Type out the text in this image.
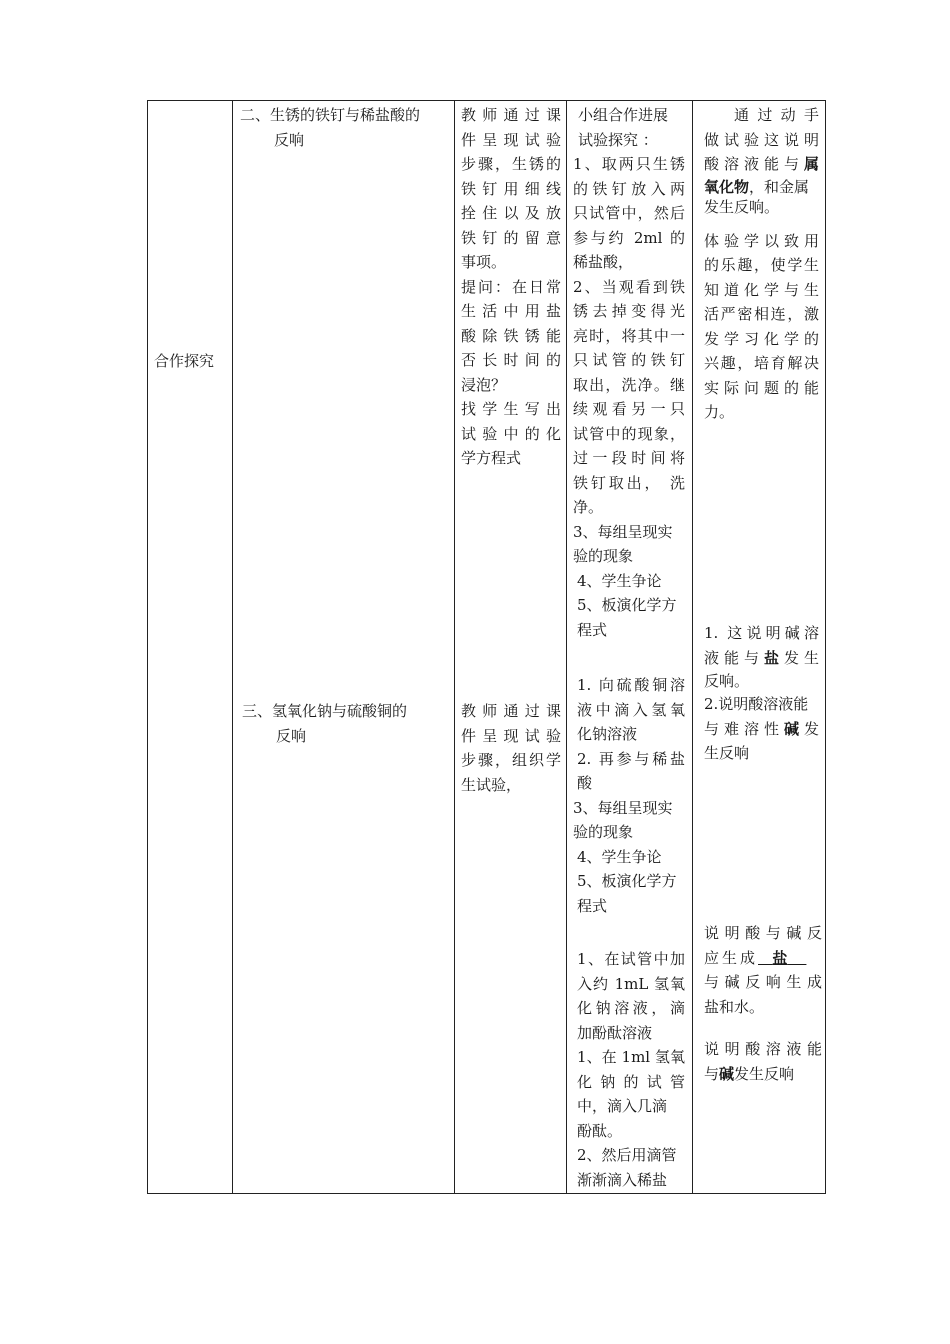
合作探究

二、生锈的铁钉与稀盐酸的

反响

三、氢氧化钠与硫酸铜的

反响

教师通过课

件呈现试验

步骤，生锈的

铁钉用细线

拴住以及放

铁钉的留意

事项。

提问：在日常

生活中用盐

酸除铁锈能

否长时间的

浸泡？

找学生写出

试验中的化

学方程式

教师通过课

件呈现试验

步骤，组织学

生试验，

小组合作进展

试验探究 ：

1、取两只生锈

的铁钉放入两

只试管中，然后

参与约 2ml 的

稀盐酸，

2、当观看到铁

锈去掉变得光

亮时，将其中一

只试管的铁钉

取出，洗净。继

续观看另一只

试管中的现象，

过一段时间将

铁钉取出， 洗

净。

3、每组呈现实

验的现象

4、学生争论

5、板演化学方

程式

1. 向硫酸铜溶

液中滴入氢氧

化钠溶液

2. 再参与稀盐

酸

3、每组呈现实

验的现象

4、学生争论

5、板演化学方

程式

1、在试管中加

入约 1mL 氢氧

化钠溶液，滴

加酚酞溶液

1、在 1ml 氢氧

化钠的试管

中，滴入几滴

酚酞。

2、然后用滴管

渐渐滴入稀盐

通过动手

做试验这说明

酸溶液能与属

氧化物，和金属

发生反响。

体验学以致用

的乐趣，使学生

知道化学与生

活严密相连，激

发学习化学的

兴趣，培育解决

实际问题的能

力。

1. 这说明碱溶

液能与盐发生

反响。

2.说明酸溶液能

与难溶性碱发

生反响

说明酸与碱反

应生成 盐

与碱反响生成

盐和水。

说明酸溶液能

与碱发生反响
